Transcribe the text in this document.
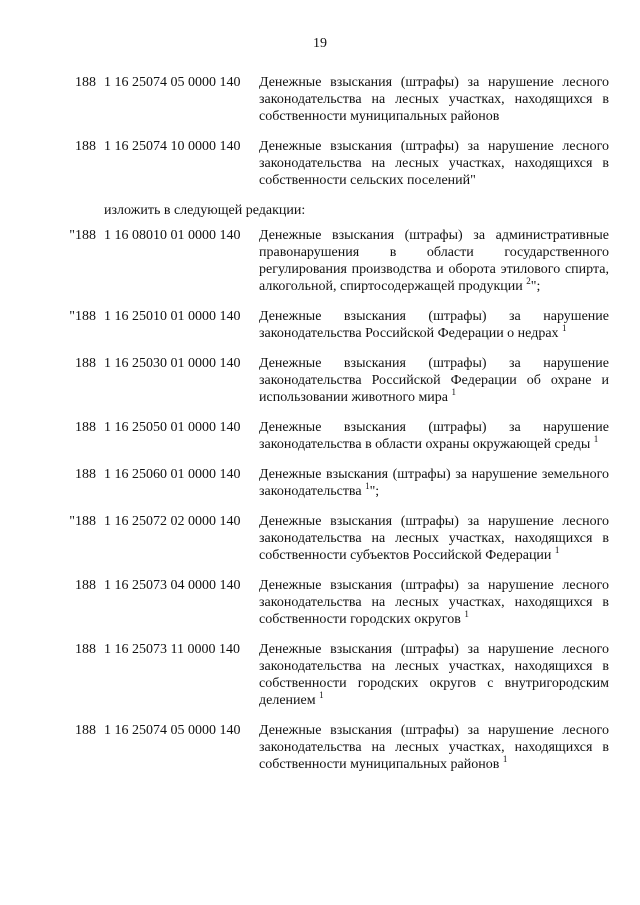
19
188 1 16 25074 05 0000 140 Денежные взыскания (штрафы) за нарушение лесного законодательства на лесных участках, находящихся в собственности муниципальных районов
188 1 16 25074 10 0000 140 Денежные взыскания (штрафы) за нарушение лесного законодательства на лесных участках, находящихся в собственности сельских поселений"
изложить в следующей редакции:
"188 1 16 08010 01 0000 140 Денежные взыскания (штрафы) за административные правонарушения в области государственного регулирования производства и оборота этилового спирта, алкогольной, спиртосодержащей продукции $^2$";
"188 1 16 25010 01 0000 140 Денежные взыскания (штрафы) за нарушение законодательства Российской Федерации о недрах $^1$
188 1 16 25030 01 0000 140 Денежные взыскания (штрафы) за нарушение законодательства Российской Федерации об охране и использовании животного мира $^1$
188 1 16 25050 01 0000 140 Денежные взыскания (штрафы) за нарушение законодательства в области охраны окружающей среды $^1$
188 1 16 25060 01 0000 140 Денежные взыскания (штрафы) за нарушение земельного законодательства $^1$";
"188 1 16 25072 02 0000 140 Денежные взыскания (штрафы) за нарушение лесного законодательства на лесных участках, находящихся в собственности субъектов Российской Федерации $^1$
188 1 16 25073 04 0000 140 Денежные взыскания (штрафы) за нарушение лесного законодательства на лесных участках, находящихся в собственности городских округов $^1$
188 1 16 25073 11 0000 140 Денежные взыскания (штрафы) за нарушение лесного законодательства на лесных участках, находящихся в собственности городских округов с внутригородским делением $^1$
188 1 16 25074 05 0000 140 Денежные взыскания (штрафы) за нарушение лесного законодательства на лесных участках, находящихся в собственности муниципальных районов $^1$
